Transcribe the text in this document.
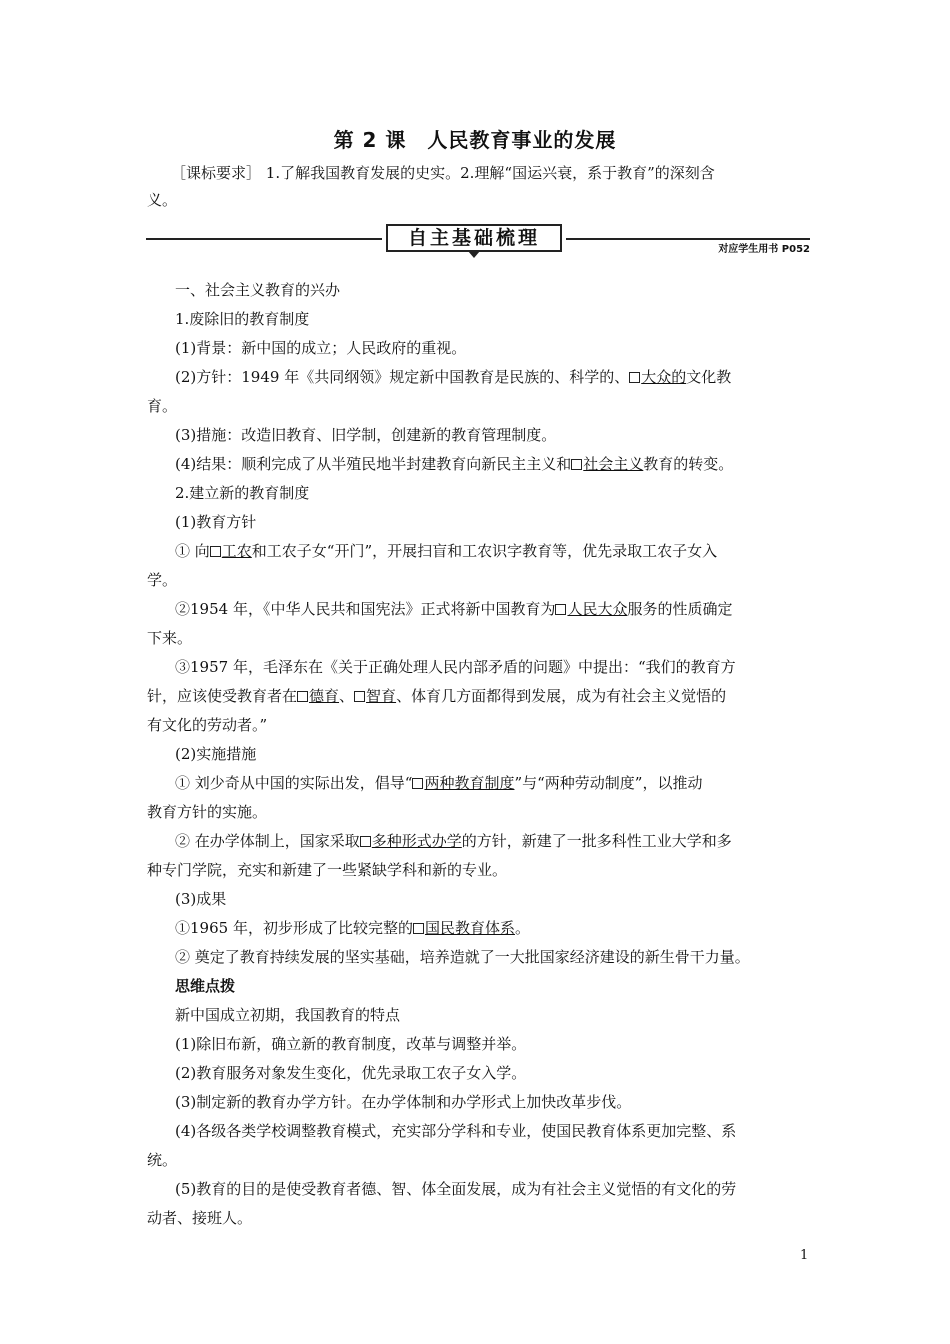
第 2 课　人民教育事业的发展
［课标要求］ 1.了解我国教育发展的史实。2.理解“国运兴衰，系于教育”的深刻含
义。
自主基础梳理
对应学生用书 P052

一、社会主义教育的兴办

1.废除旧的教育制度

(1)背景：新中国的成立；人民政府的重视。

(2)方针：1949 年《共同纲领》规定新中国教育是民族的、科学的、 大众的文化教

育。

(3)措施：改造旧教育、旧学制，创建新的教育管理制度。

(4)结果：顺利完成了从半殖民地半封建教育向新民主主义和 社会主义教育的转变。

2.建立新的教育制度

(1)教育方针

① 向 工农和工农子女“开门”，开展扫盲和工农识字教育等，优先录取工农子女入

学。

②1954 年，《中华人民共和国宪法》正式将新中国教育为 人民大众服务的性质确定

下来。

③1957 年，毛泽东在《关于正确处理人民内部矛盾的问题》中提出：“我们的教育方

针，应该使受教育者在 德育、 智育、体育几方面都得到发展，成为有社会主义觉悟的

有文化的劳动者。”

(2)实施措施

① 刘少奇从中国的实际出发，倡导“ 两种教育制度”与“两种劳动制度”，以推动

教育方针的实施。

② 在办学体制上，国家采取 多种形式办学的方针，新建了一批多科性工业大学和多

种专门学院，充实和新建了一些紧缺学科和新的专业。

(3)成果

①1965 年，初步形成了比较完整的 国民教育体系。

② 奠定了教育持续发展的坚实基础，培养造就了一大批国家经济建设的新生骨干力量。

思维点拨

新中国成立初期，我国教育的特点

(1)除旧布新，确立新的教育制度，改革与调整并举。

(2)教育服务对象发生变化，优先录取工农子女入学。

(3)制定新的教育办学方针。在办学体制和办学形式上加快改革步伐。

(4)各级各类学校调整教育模式，充实部分学科和专业，使国民教育体系更加完整、系

统。

(5)教育的目的是使受教育者德、智、体全面发展，成为有社会主义觉悟的有文化的劳

动者、接班人。

1
